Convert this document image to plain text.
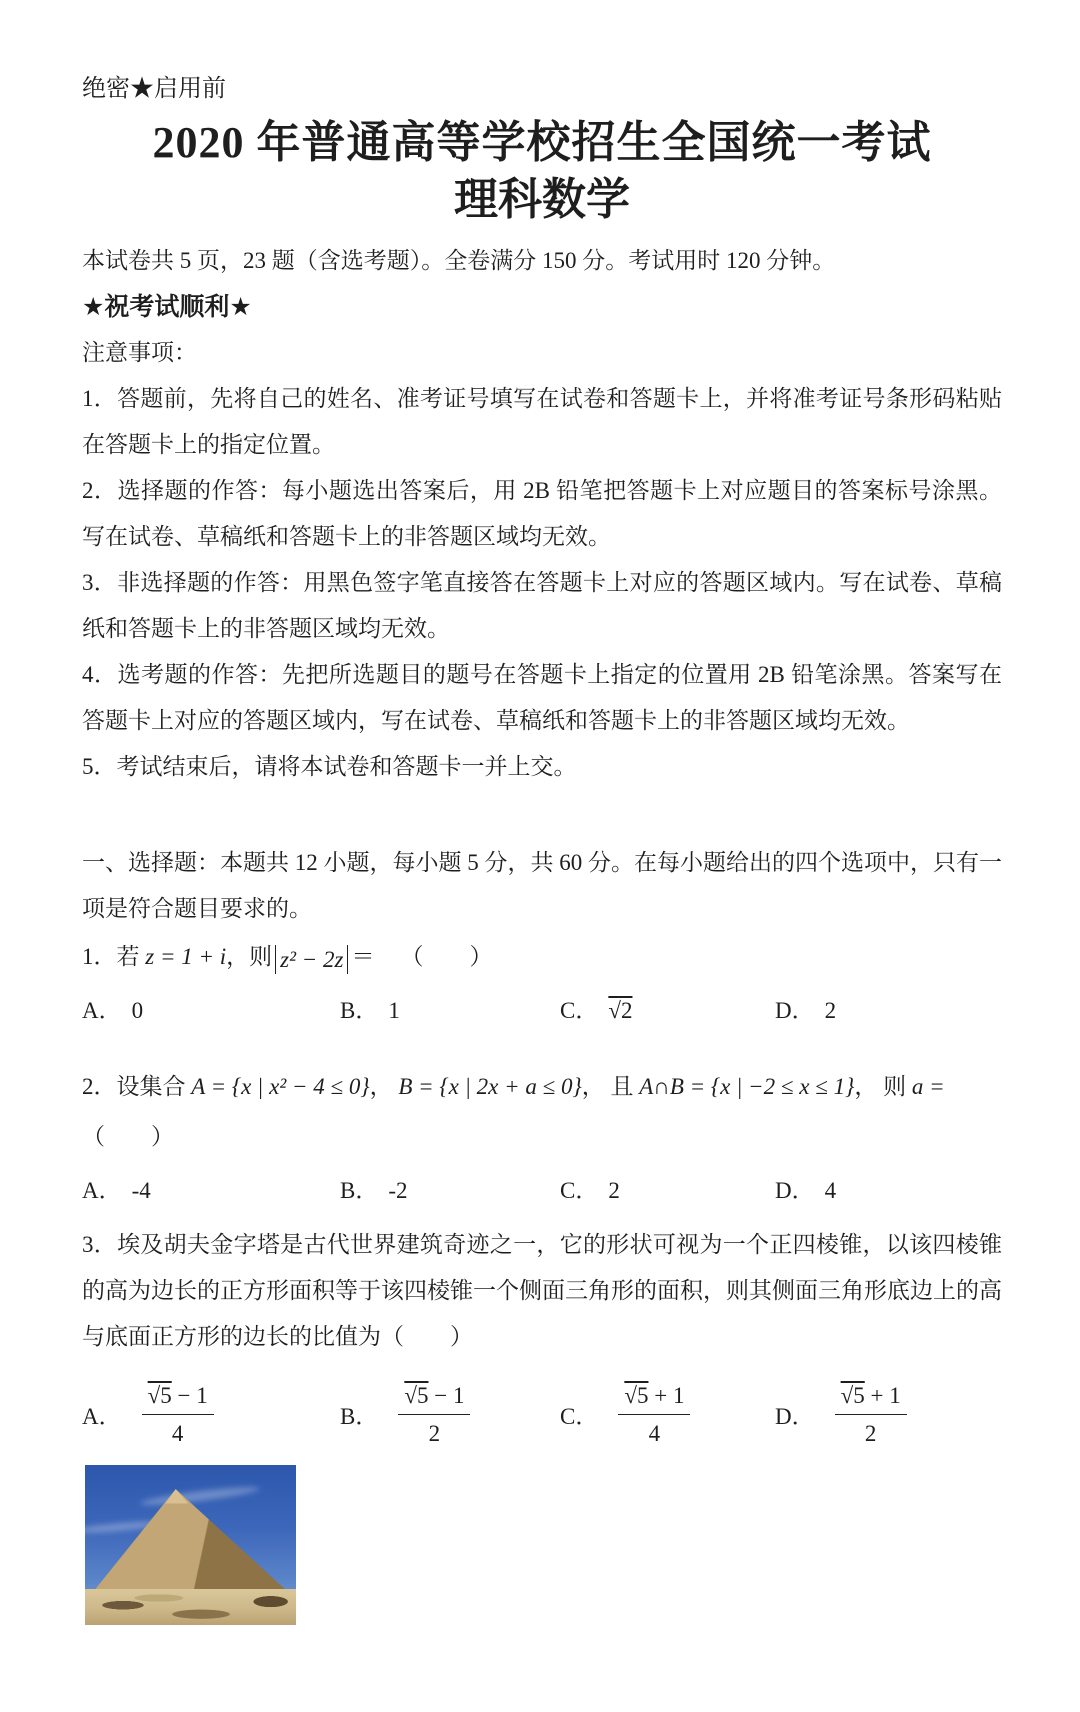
绝密★启用前
2020 年普通高等学校招生全国统一考试
理科数学
本试卷共 5 页，23 题（含选考题）。全卷满分 150 分。考试用时 120 分钟。
★祝考试顺利★
注意事项：
1．答题前，先将自己的姓名、准考证号填写在试卷和答题卡上，并将准考证号条形码粘贴在答题卡上的指定位置。
2．选择题的作答：每小题选出答案后，用 2B 铅笔把答题卡上对应题目的答案标号涂黑。写在试卷、草稿纸和答题卡上的非答题区域均无效。
3．非选择题的作答：用黑色签字笔直接答在答题卡上对应的答题区域内。写在试卷、草稿纸和答题卡上的非答题区域均无效。
4．选考题的作答：先把所选题目的题号在答题卡上指定的位置用 2B 铅笔涂黑。答案写在答题卡上对应的答题区域内，写在试卷、草稿纸和答题卡上的非答题区域均无效。
5．考试结束后，请将本试卷和答题卡一并上交。
一、选择题：本题共 12 小题，每小题 5 分，共 60 分。在每小题给出的四个选项中，只有一项是符合题目要求的。
1．若 z = 1 + i，则 z² − 2z ＝ （　　）
A． 0	B． 1	C． √2	D． 2
2．设集合 A = {x | x² − 4 ≤ 0}， B = {x | 2x + a ≤ 0}， 且 A∩B = {x | −2 ≤ x ≤ 1}， 则 a =
（　　）
A． -4	B． -2	C． 2	D． 4
3．埃及胡夫金字塔是古代世界建筑奇迹之一，它的形状可视为一个正四棱锥，以该四棱锥的高为边长的正方形面积等于该四棱锥一个侧面三角形的面积，则其侧面三角形底边上的高与底面正方形的边长的比值为（　　）
A． $\frac{√5 - 1}{4}$	B． $\frac{√5 - 1}{2}$	C． $\frac{√5 + 1}{4}$	D． $\frac{√5 + 1}{2}$
